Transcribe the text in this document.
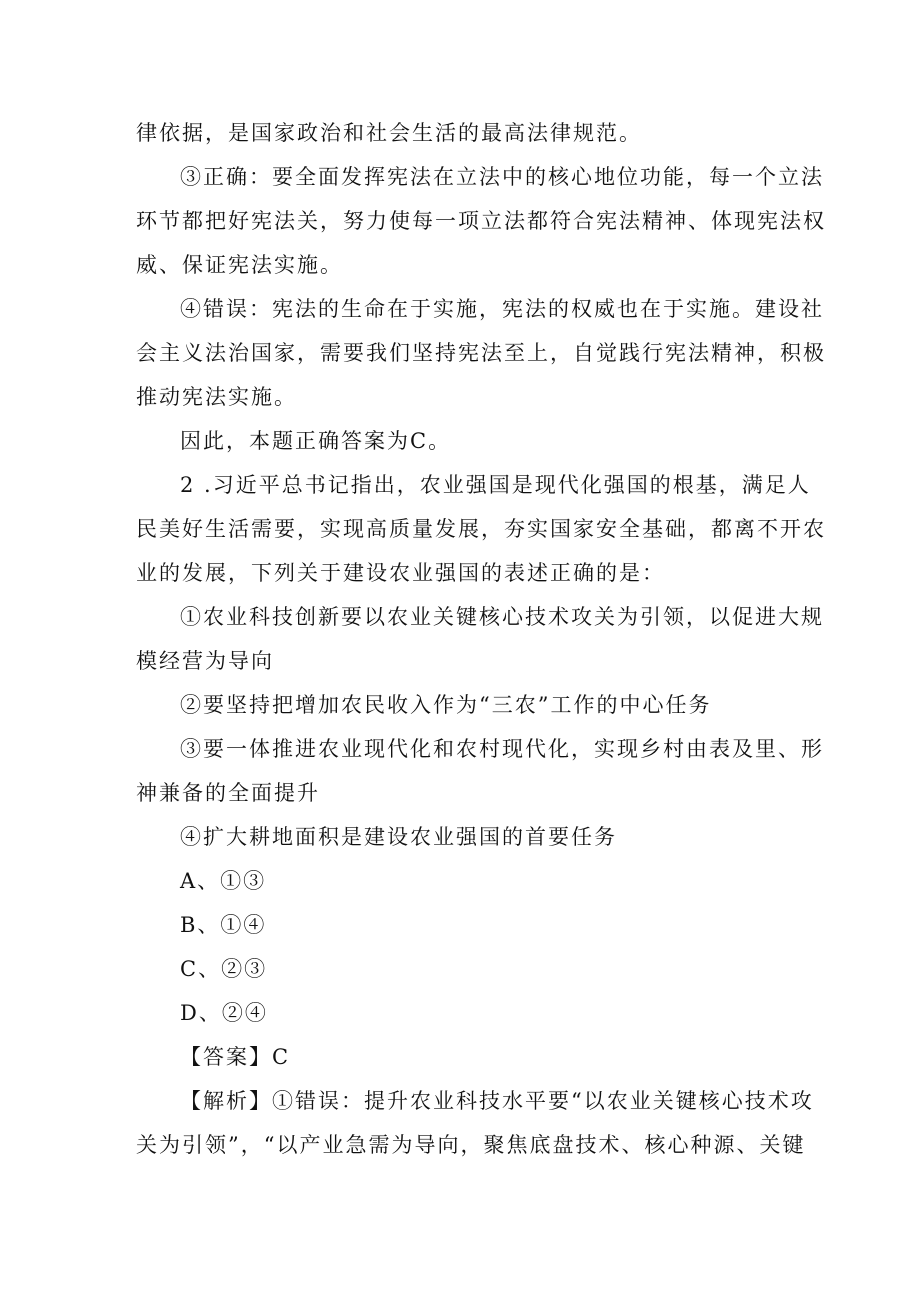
律依据，是国家政治和社会生活的最高法律规范。
③正确：要全面发挥宪法在立法中的核心地位功能，每一个立法
环节都把好宪法关，努力使每一项立法都符合宪法精神、体现宪法权
威、保证宪法实施。
④错误：宪法的生命在于实施，宪法的权威也在于实施。建设社
会主义法治国家，需要我们坚持宪法至上，自觉践行宪法精神，积极
推动宪法实施。
因此，本题正确答案为C。
2 .习近平总书记指出，农业强国是现代化强国的根基，满足人
民美好生活需要，实现高质量发展，夯实国家安全基础，都离不开农
业的发展，下列关于建设农业强国的表述正确的是：
①农业科技创新要以农业关键核心技术攻关为引领，以促进大规
模经营为导向
②要坚持把增加农民收入作为“三农”工作的中心任务
③要一体推进农业现代化和农村现代化，实现乡村由表及里、形
神兼备的全面提升
④扩大耕地面积是建设农业强国的首要任务
A、①③
B、①④
C、②③
D、②④
【答案】C
【解析】①错误：提升农业科技水平要“以农业关键核心技术攻
关为引领”，“以产业急需为导向，聚焦底盘技术、核心种源、关键
